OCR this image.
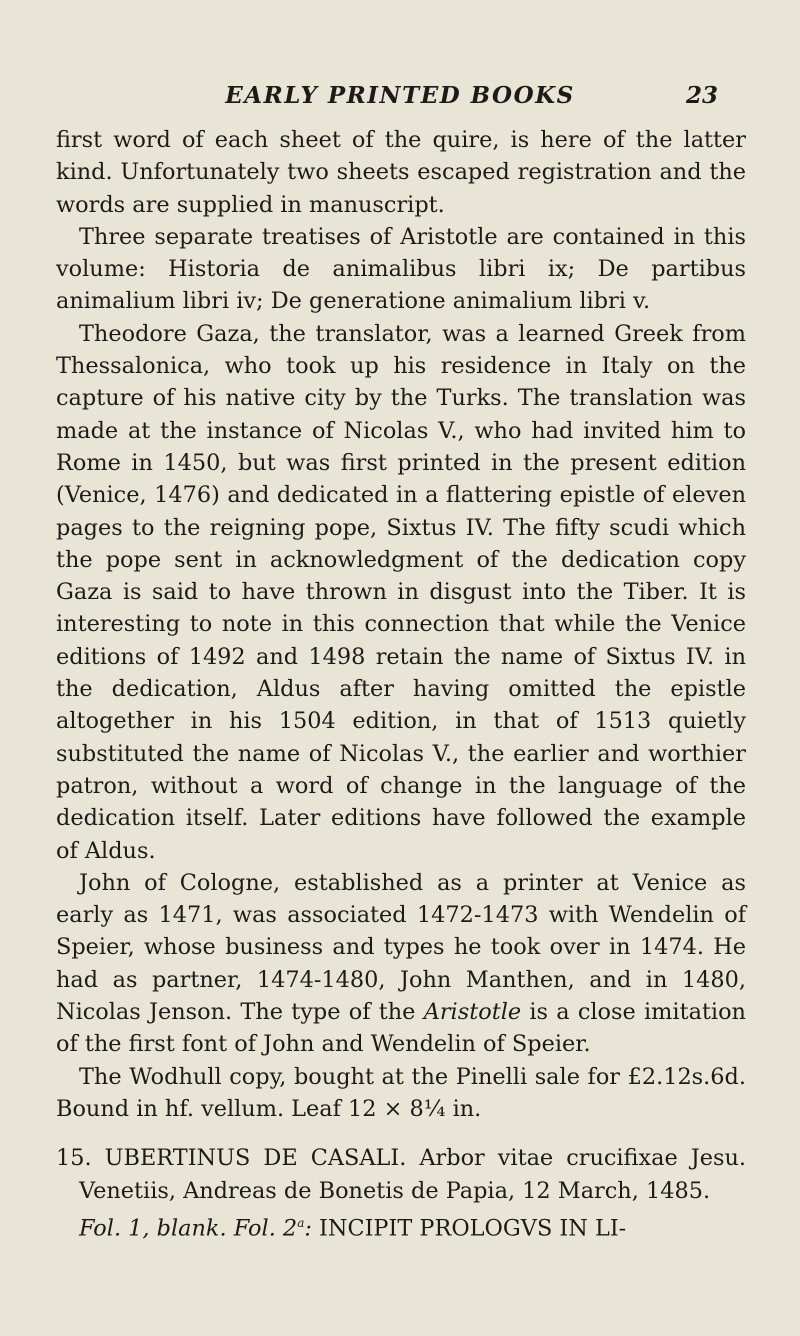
EARLY PRINTED BOOKS	23

first word of each sheet of the quire, is here of the latter kind. Unfortunately two sheets escaped registration and the words are supplied in manuscript.

Three separate treatises of Aristotle are contained in this volume: Historia de animalibus libri ix; De partibus animalium libri iv; De generatione animalium libri v.

Theodore Gaza, the translator, was a learned Greek from Thessalonica, who took up his residence in Italy on the capture of his native city by the Turks. The translation was made at the instance of Nicolas V., who had invited him to Rome in 1450, but was first printed in the present edition (Venice, 1476) and dedicated in a flattering epistle of eleven pages to the reigning pope, Sixtus IV. The fifty scudi which the pope sent in acknowledgment of the dedication copy Gaza is said to have thrown in disgust into the Tiber. It is interesting to note in this connection that while the Venice editions of 1492 and 1498 retain the name of Sixtus IV. in the dedication, Aldus after having omitted the epistle altogether in his 1504 edition, in that of 1513 quietly substituted the name of Nicolas V., the earlier and worthier patron, without a word of change in the language of the dedication itself. Later editions have followed the example of Aldus.

John of Cologne, established as a printer at Venice as early as 1471, was associated 1472-1473 with Wendelin of Speier, whose business and types he took over in 1474. He had as partner, 1474-1480, John Manthen, and in 1480, Nicolas Jenson. The type of the Aristotle is a close imitation of the first font of John and Wendelin of Speier.

The Wodhull copy, bought at the Pinelli sale for £2.12s.6d. Bound in hf. vellum. Leaf 12 × 8¼ in.

15. UBERTINUS DE CASALI. Arbor vitae crucifixae Jesu. Venetiis, Andreas de Bonetis de Papia, 12 March, 1485.
Fol. 1, blank. Fol. 2$^a$: INCIPIT PROLOGVS IN LI-
